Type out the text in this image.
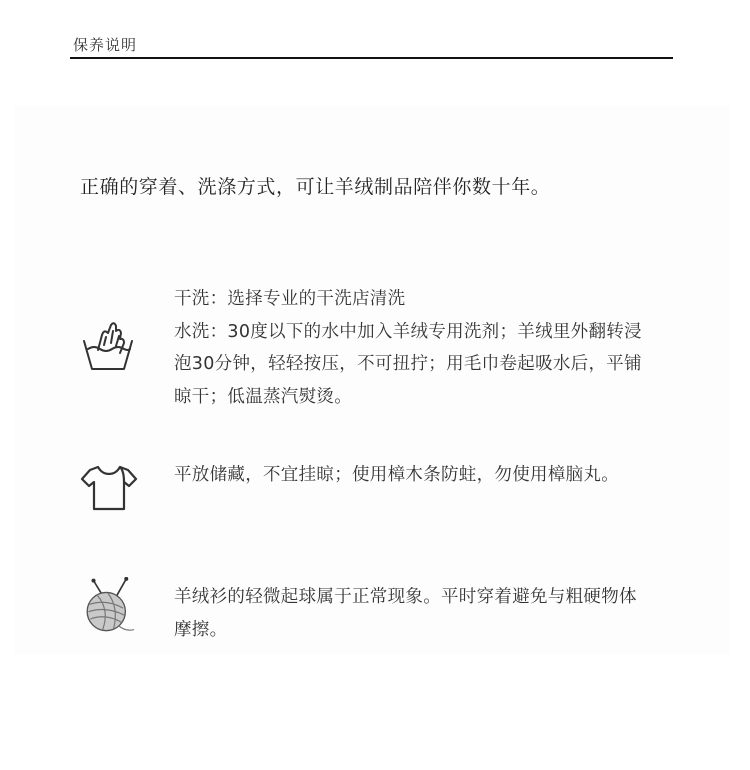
保养说明
正确的穿着、洗涤方式，可让羊绒制品陪伴你数十年。

干洗：选择专业的干洗店清洗

水洗：30度以下的水中加入羊绒专用洗剂；羊绒里外翻转浸泡30分钟，轻轻按压，不可扭拧；用毛巾卷起吸水后，平铺晾干；低温蒸汽熨烫。

平放储藏，不宜挂晾；使用樟木条防蛀，勿使用樟脑丸。

羊绒衫的轻微起球属于正常现象。平时穿着避免与粗硬物体摩擦。
